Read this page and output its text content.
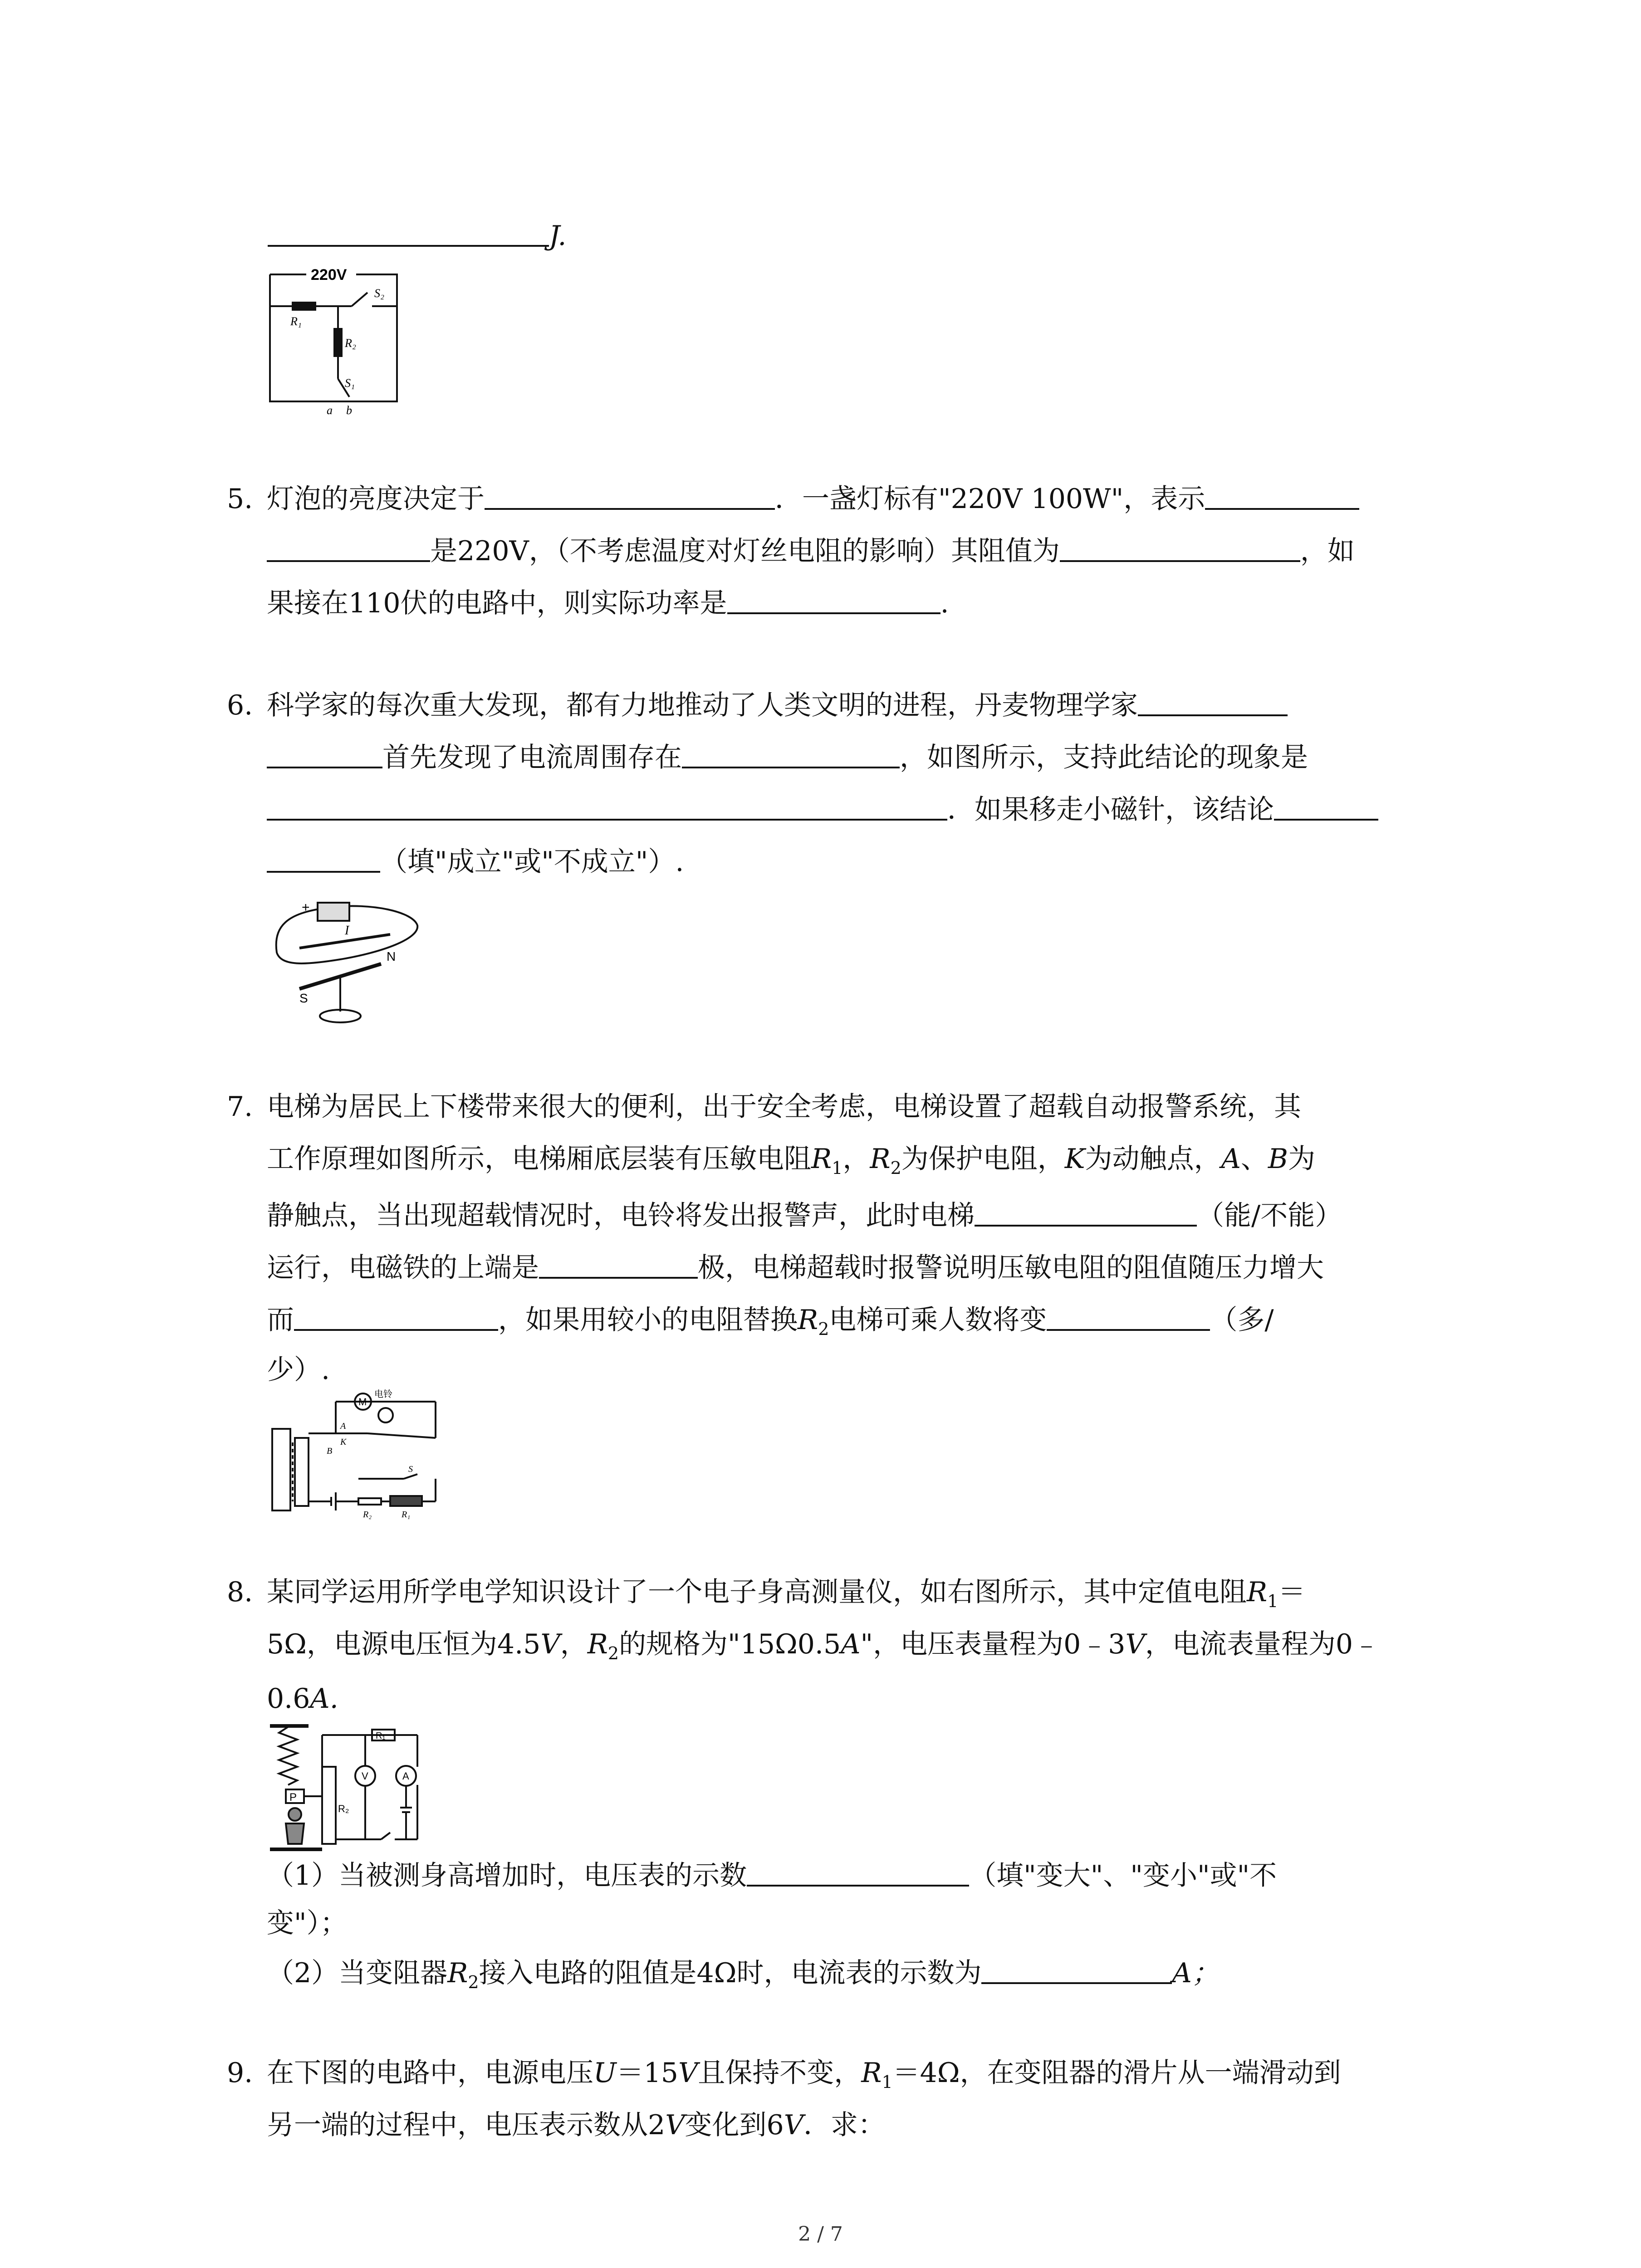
J.
220V
R₁
R₂
S₂
S₁
a b
5. 灯泡的亮度决定于	．一盏灯标有"220V 100W"，表示
是220V，（不考虑温度对灯丝电阻的影响）其阻值为	，如
果接在110伏的电路中，则实际功率是	.
6. 科学家的每次重大发现，都有力地推动了人类文明的进程，丹麦物理学家
首先发现了电流周围存在	，如图所示，支持此结论的现象是
．如果移走小磁针，该结论
（填"成立"或"不成立"）.
+
I
N
S
7. 电梯为居民上下楼带来很大的便利，出于安全考虑，电梯设置了超载自动报警系统，其
工作原理如图所示，电梯厢底层装有压敏电阻$R_1$，$R_2$为保护电阻，K为动触点，A、B为
静触点，当出现超载情况时，电铃将发出报警声，此时电梯	（能/不能）
运行，电磁铁的上端是	极，电梯超载时报警说明压敏电阻的阻值随压力增大
而	，如果用较小的电阻替换$R_2$电梯可乘人数将变	（多/
少）.
电铃
M
A
K
B
S
R₂	R₁
8. 某同学运用所学电学知识设计了一个电子身高测量仪，如右图所示，其中定值电阻$R_1=$
5Ω，电源电压恒为4.5V，$R_2$的规格为"15Ω0.5A"，电压表量程为0﹣3V，电流表量程为0﹣
0.6A.
P
R₁
R₂
V	A
（1）当被测身高增加时，电压表的示数	（填"变大"、"变小"或"不
变"）；
（2）当变阻器$R_2$接入电路的阻值是4Ω时，电流表的示数为	A；
9. 在下图的电路中，电源电压U＝15V且保持不变，$R_1=4\Omega$，在变阻器的滑片从一端滑动到
另一端的过程中，电压表示数从2V变化到6V．求：
2 / 7
